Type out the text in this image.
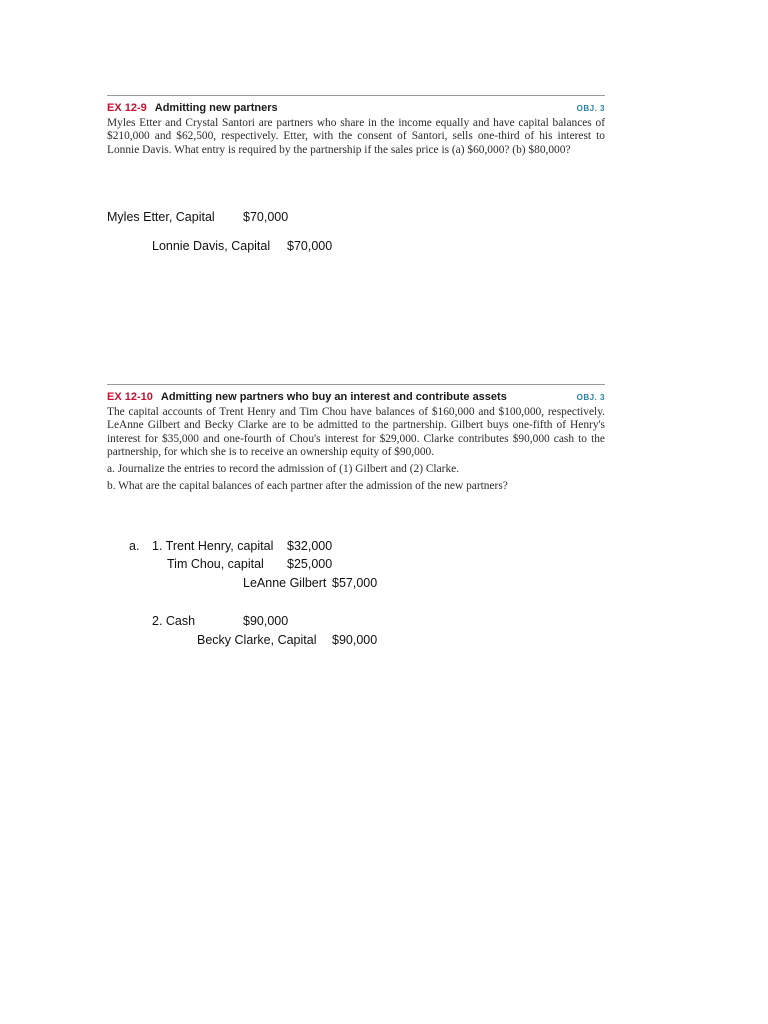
EX 12-9 Admitting new partners	OBJ. 3

Myles Etter and Crystal Santori are partners who share in the income equally and have capital balances of $210,000 and $62,500, respectively. Etter, with the consent of Santori, sells one-third of his interest to Lonnie Davis. What entry is required by the partnership if the sales price is (a) $60,000? (b) $80,000?

Myles Etter, Capital $70,000
Lonnie Davis, Capital $70,000
EX 12-10 Admitting new partners who buy an interest and contribute assets	OBJ. 3

The capital accounts of Trent Henry and Tim Chou have balances of $160,000 and $100,000, respectively. LeAnne Gilbert and Becky Clarke are to be admitted to the partnership. Gilbert buys one-fifth of Henry's interest for $35,000 and one-fourth of Chou's interest for $29,000. Clarke contributes $90,000 cash to the partnership, for which she is to receive an ownership equity of $90,000.

a. Journalize the entries to record the admission of (1) Gilbert and (2) Clarke.
b. What are the capital balances of each partner after the admission of the new partners?
a. 1. Trent Henry, capital $32,000
Tim Chou, capital $25,000
LeAnne Gilbert $57,000
2. Cash	$90,000
Becky Clarke, Capital $90,000
